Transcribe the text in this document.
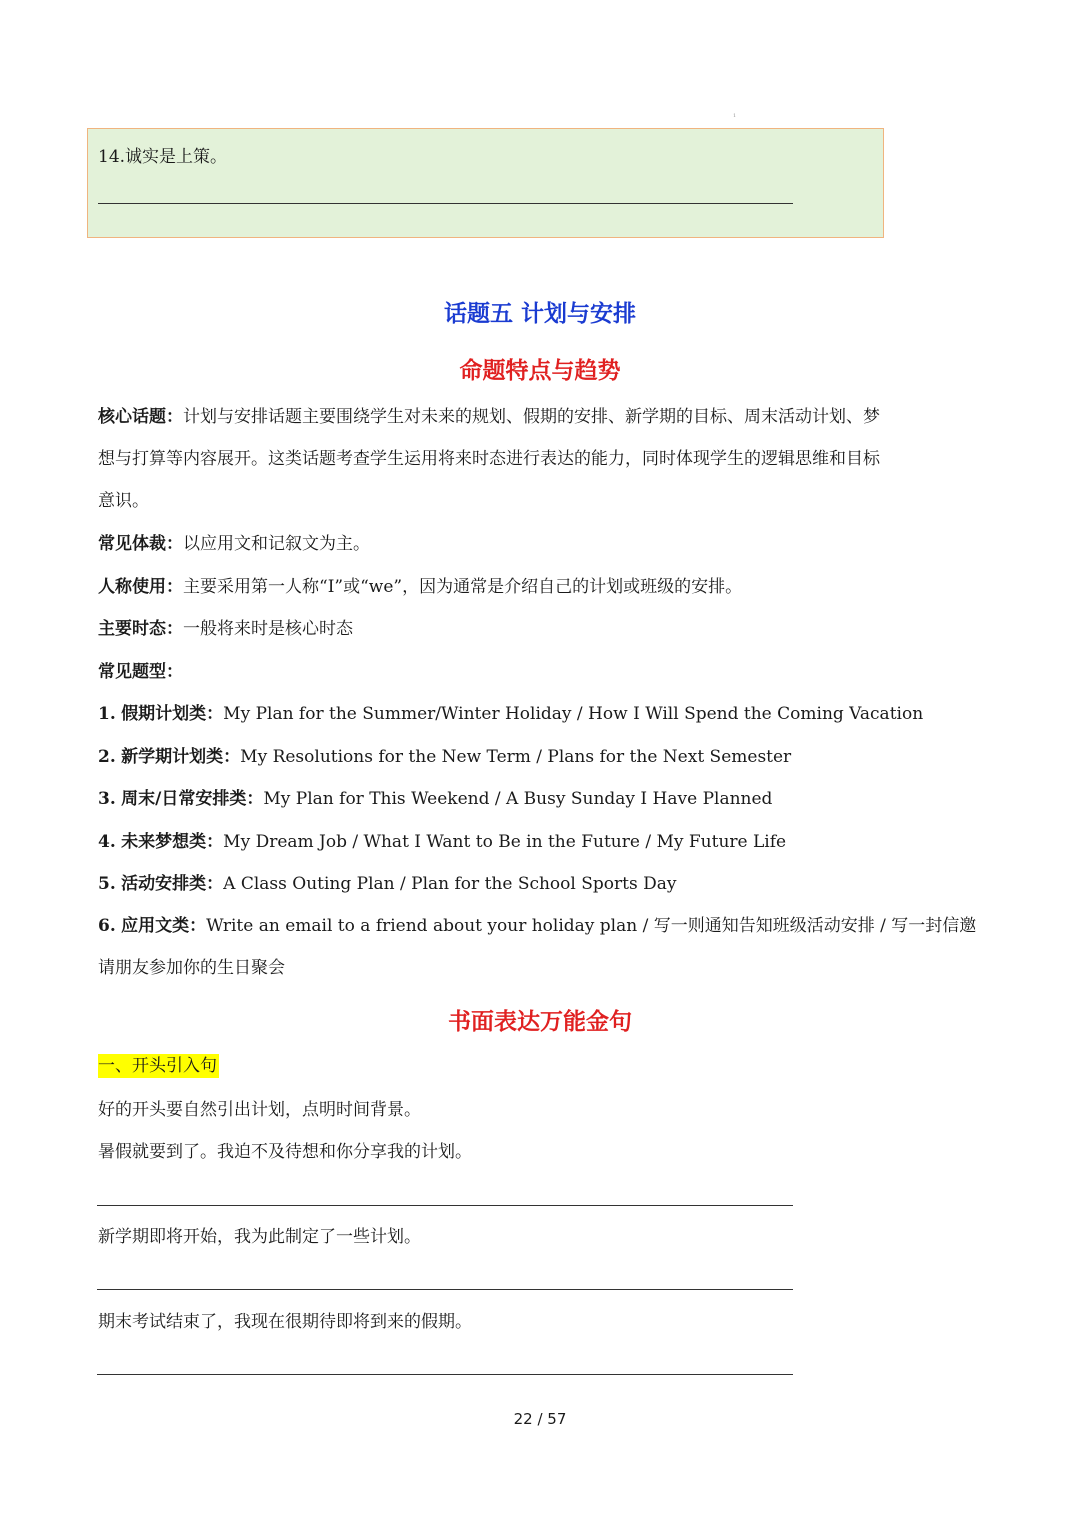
1
14.诚实是上策。
话题五 计划与安排
命题特点与趋势
核心话题：计划与安排话题主要围绕学生对未来的规划、假期的安排、新学期的目标、周末活动计划、梦
想与打算等内容展开。这类话题考查学生运用将来时态进行表达的能力，同时体现学生的逻辑思维和目标
意识。
常见体裁：以应用文和记叙文为主。
人称使用：主要采用第一人称“I”或“we”，因为通常是介绍自己的计划或班级的安排。
主要时态：一般将来时是核心时态
常见题型：
1. 假期计划类：My Plan for the Summer/Winter Holiday / How I Will Spend the Coming Vacation
2. 新学期计划类：My Resolutions for the New Term / Plans for the Next Semester
3. 周末/日常安排类：My Plan for This Weekend / A Busy Sunday I Have Planned
4. 未来梦想类：My Dream Job / What I Want to Be in the Future / My Future Life
5. 活动安排类：A Class Outing Plan / Plan for the School Sports Day
6. 应用文类：Write an email to a friend about your holiday plan / 写一则通知告知班级活动安排 / 写一封信邀
请朋友参加你的生日聚会
书面表达万能金句
一、开头引入句
好的开头要自然引出计划，点明时间背景。
暑假就要到了。我迫不及待想和你分享我的计划。
新学期即将开始，我为此制定了一些计划。
期末考试结束了，我现在很期待即将到来的假期。
22 / 57
